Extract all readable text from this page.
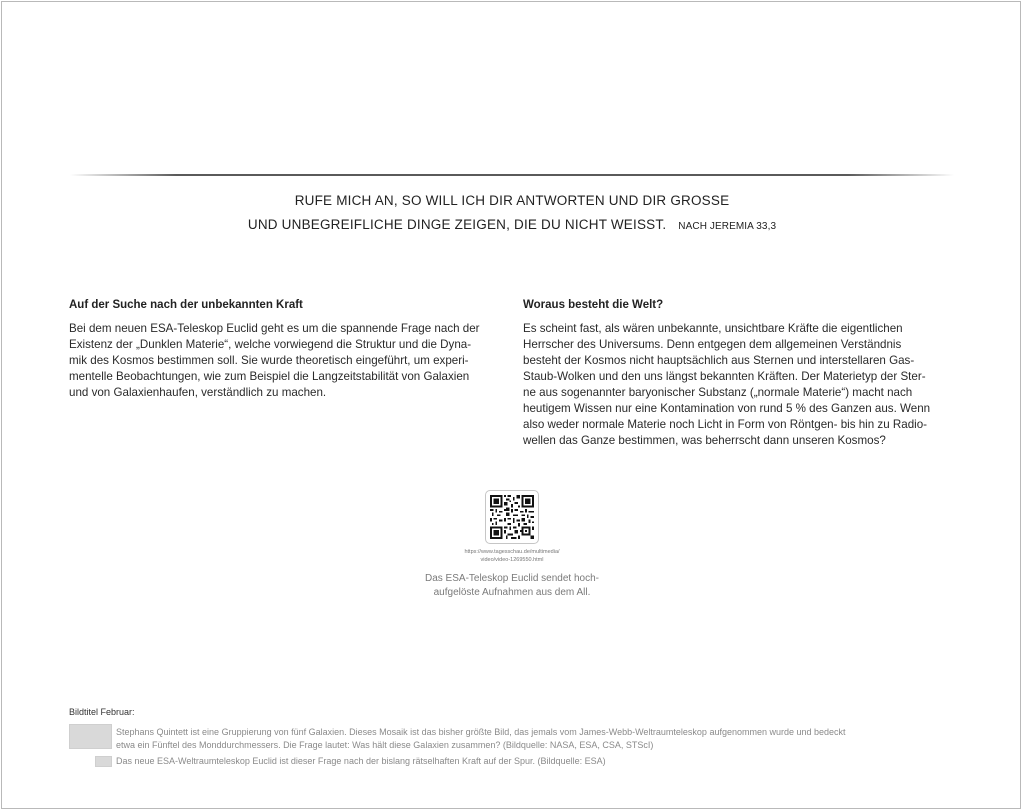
RUFE MICH AN, SO WILL ICH DIR ANTWORTEN UND DIR GROSSE
UND UNBEGREIFLICHE DINGE ZEIGEN, DIE DU NICHT WEISST. NACH JEREMIA 33,3
Auf der Suche nach der unbekannten Kraft
Bei dem neuen ESA-Teleskop Euclid geht es um die spannende Frage nach der
Existenz der „Dunklen Materie“, welche vorwiegend die Struktur und die Dyna-
mik des Kosmos bestimmen soll. Sie wurde theoretisch eingeführt, um experi-
mentelle Beobachtungen, wie zum Beispiel die Langzeitstabilität von Galaxien
und von Galaxienhaufen, verständlich zu machen.
Woraus besteht die Welt?
Es scheint fast, als wären unbekannte, unsichtbare Kräfte die eigentlichen
Herrscher des Universums. Denn entgegen dem allgemeinen Verständnis
besteht der Kosmos nicht hauptsächlich aus Sternen und interstellaren Gas-
Staub-Wolken und den uns längst bekannten Kräften. Der Materietyp der Ster-
ne aus sogenannter baryonischer Substanz („normale Materie“) macht nach
heutigem Wissen nur eine Kontamination von rund 5 % des Ganzen aus. Wenn
also weder normale Materie noch Licht in Form von Röntgen- bis hin zu Radio-
wellen das Ganze bestimmen, was beherrscht dann unseren Kosmos?
https://www.tagesschau.de/multimedia/
video/video-1269550.html
Das ESA-Teleskop Euclid sendet hoch-
aufgelöste Aufnahmen aus dem All.
Bildtitel Februar:
Stephans Quintett ist eine Gruppierung von fünf Galaxien. Dieses Mosaik ist das bisher größte Bild, das jemals vom James-Webb-Weltraumteleskop aufgenommen wurde und bedeckt
etwa ein Fünftel des Monddurchmessers. Die Frage lautet: Was hält diese Galaxien zusammen? (Bildquelle: NASA, ESA, CSA, STScI)
Das neue ESA-Weltraumteleskop Euclid ist dieser Frage nach der bislang rätselhaften Kraft auf der Spur. (Bildquelle: ESA)
